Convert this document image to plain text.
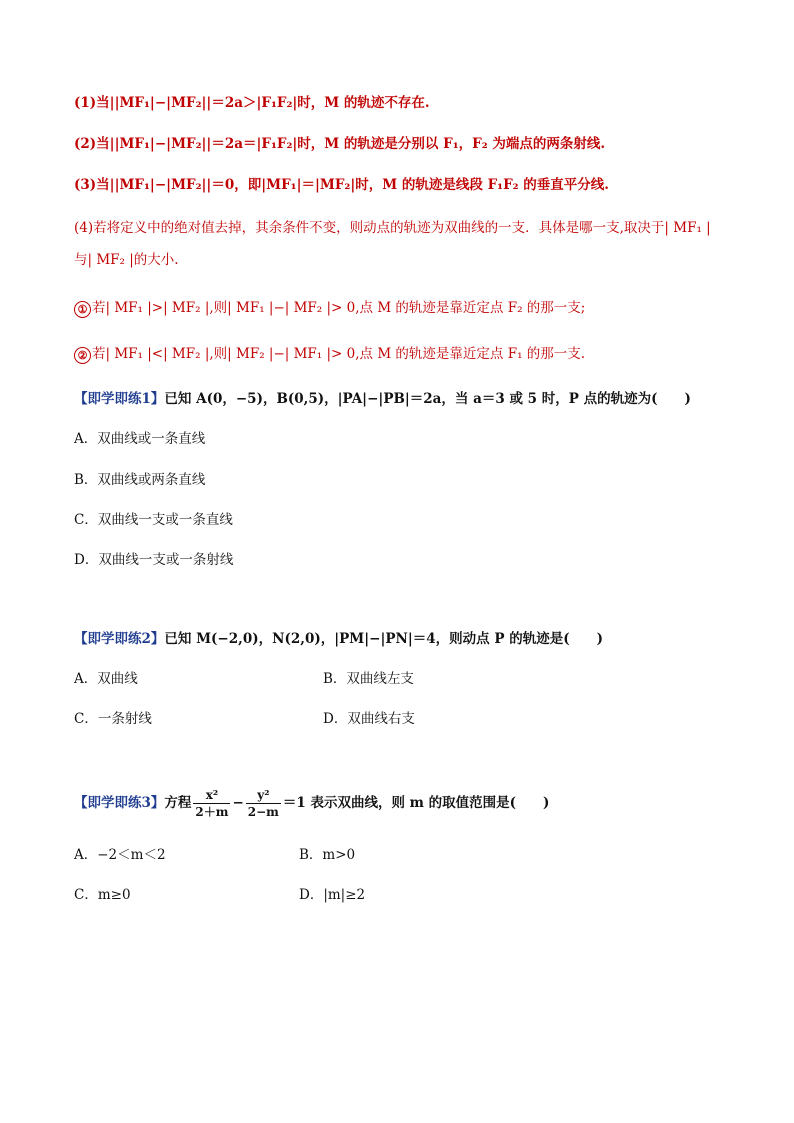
(1)当||MF₁|−|MF₂||＝2a＞|F₁F₂|时，M 的轨迹不存在.
(2)当||MF₁|−|MF₂||＝2a＝|F₁F₂|时，M 的轨迹是分别以 F₁，F₂ 为端点的两条射线.
(3)当||MF₁|−|MF₂||＝0，即|MF₁|＝|MF₂|时，M 的轨迹是线段 F₁F₂ 的垂直平分线.
(4)若将定义中的绝对值去掉，其余条件不变，则动点的轨迹为双曲线的一支．具体是哪一支,取决于| MF₁ |
与| MF₂ |的大小.
① 若| MF₁ |>| MF₂ |,则| MF₁ |−| MF₂ |> 0,点 M 的轨迹是靠近定点 F₂ 的那一支;
② 若| MF₁ |<| MF₂ |,则| MF₂ |−| MF₁ |> 0,点 M 的轨迹是靠近定点 F₁ 的那一支.
【即学即练1】已知 A(0，−5)，B(0,5)，|PA|−|PB|＝2a，当 a＝3 或 5 时，P 点的轨迹为(　　)
A．双曲线或一条直线
B．双曲线或两条直线
C．双曲线一支或一条直线
D．双曲线一支或一条射线
【即学即练2】已知 M(−2,0)，N(2,0)，|PM|−|PN|＝4，则动点 P 的轨迹是(　　)
A．双曲线	B．双曲线左支
C．一条射线	D．双曲线右支
【即学即练3】方程 $\frac{\text{x²}}{2+m} - \frac{\text{y²}}{2-m} =1$ 表示双曲线，则 m 的取值范围是(　　)
A．−2＜m＜2	B．m>0
C．m≥0	D．|m|≥2
